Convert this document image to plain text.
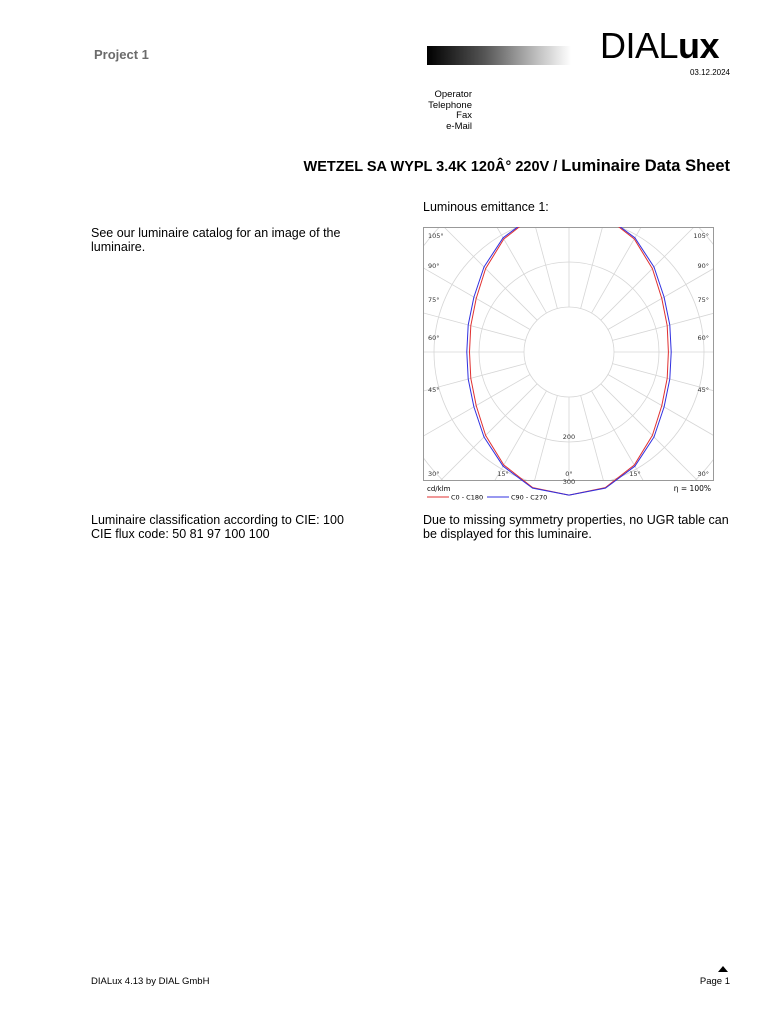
Project 1	DIALux
03.12.2024
Operator
Telephone
Fax
e-Mail
WETZEL SA WYPL 3.4K 120Â° 220V / Luminaire Data Sheet
Luminous emittance 1:
See our luminaire catalog for an image of the luminaire.
200
300
105°
90°
75°
60°
45°
30°
105°
90°
75°
60°
45°
30°
15°	0°	15°
cd/klm	η = 100%
C0 - C180	C90 - C270
Luminaire classification according to CIE: 100
CIE flux code: 50 81 97 100 100
Due to missing symmetry properties, no UGR table can be displayed for this luminaire.
DIALux 4.13 by DIAL GmbH	Page 1
